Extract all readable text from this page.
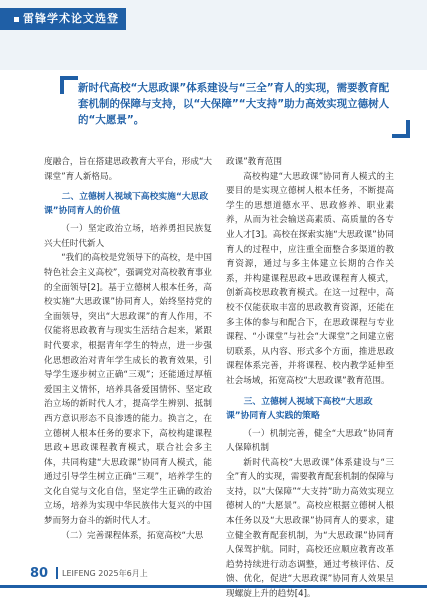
雷锋学术论文选登
新时代高校“大思政课”体系建设与“三全”育人的实现，需要教育配套机制的保障与支持，以“大保障”“大支持”助力高效实现立德树人的“大愿景”。

度融合，旨在搭建思政教育大平台，形成“大课堂”育人新格局。

二、立德树人视域下高校实施“大思政课”协同育人的价值

（一）坚定政治立场，培养勇担民族复兴大任时代新人

“我们的高校是党领导下的高校，是中国特色社会主义高校”，强调党对高校教育事业的全面领导[2]。基于立德树人根本任务，高校实施“大思政课”协同育人，始终坚持党的全面领导，突出“大思政课”的育人作用，不仅能将思政教育与现实生活结合起来，紧跟时代要求，根据青年学生的特点，进一步强化思想政治对青年学生成长的教育效果，引导学生逐步树立正确“三观”；还能通过厚植爱国主义情怀，培养具备爱国情怀、坚定政治立场的新时代人才，提高学生辨别、抵制西方意识形态不良渗透的能力。换言之，在立德树人根本任务的要求下，高校构建课程思政+思政课程教育模式，联合社会多主体，共同构建“大思政课”协同育人模式，能通过引导学生树立正确“三观”，培养学生的文化自觉与文化自信，坚定学生正确的政治立场，培养为实现中华民族伟大复兴的中国梦而努力奋斗的新时代人才。

（二）完善课程体系，拓宽高校“大思

政课”教育范围

高校构建“大思政课”协同育人模式的主要目的是实现立德树人根本任务，不断提高学生的思想道德水平、思政修养、职业素养，从而为社会输送高素质、高质量的各专业人才[3]。高校在探索实施“大思政课”协同育人的过程中，应注重全面整合多渠道的教育资源，通过与多主体建立长期的合作关系，并构建课程思政+思政课程育人模式，创新高校思政教育模式。在这一过程中，高校不仅能获取丰富的思政教育资源，还能在多主体的参与和配合下，在思政课程与专业课程、“小课堂”与社会“大课堂”之间建立密切联系，从内容、形式多个方面，推进思政课程体系完善，并将课程、校内教学延伸至社会场域，拓宽高校“大思政课”教育范围。

三、立德树人视域下高校“大思政课”协同育人实践的策略

（一）机制完善，健全“大思政”协同育人保障机制

新时代高校“大思政课”体系建设与“三全”育人的实现，需要教育配套机制的保障与支持，以“大保障”“大支持”助力高效实现立德树人的“大愿景”。高校应根据立德树人根本任务以及“大思政课”协同育人的要求，建立健全教育配套机制，为“大思政课”协同育人保驾护航。同时，高校还应顺应教育改革趋势持续进行动态调整，通过考核评估、反馈、优化，促进“大思政课”协同育人效果呈现螺旋上升的趋势[4]。

80 LEIFENG 2025年6月上
